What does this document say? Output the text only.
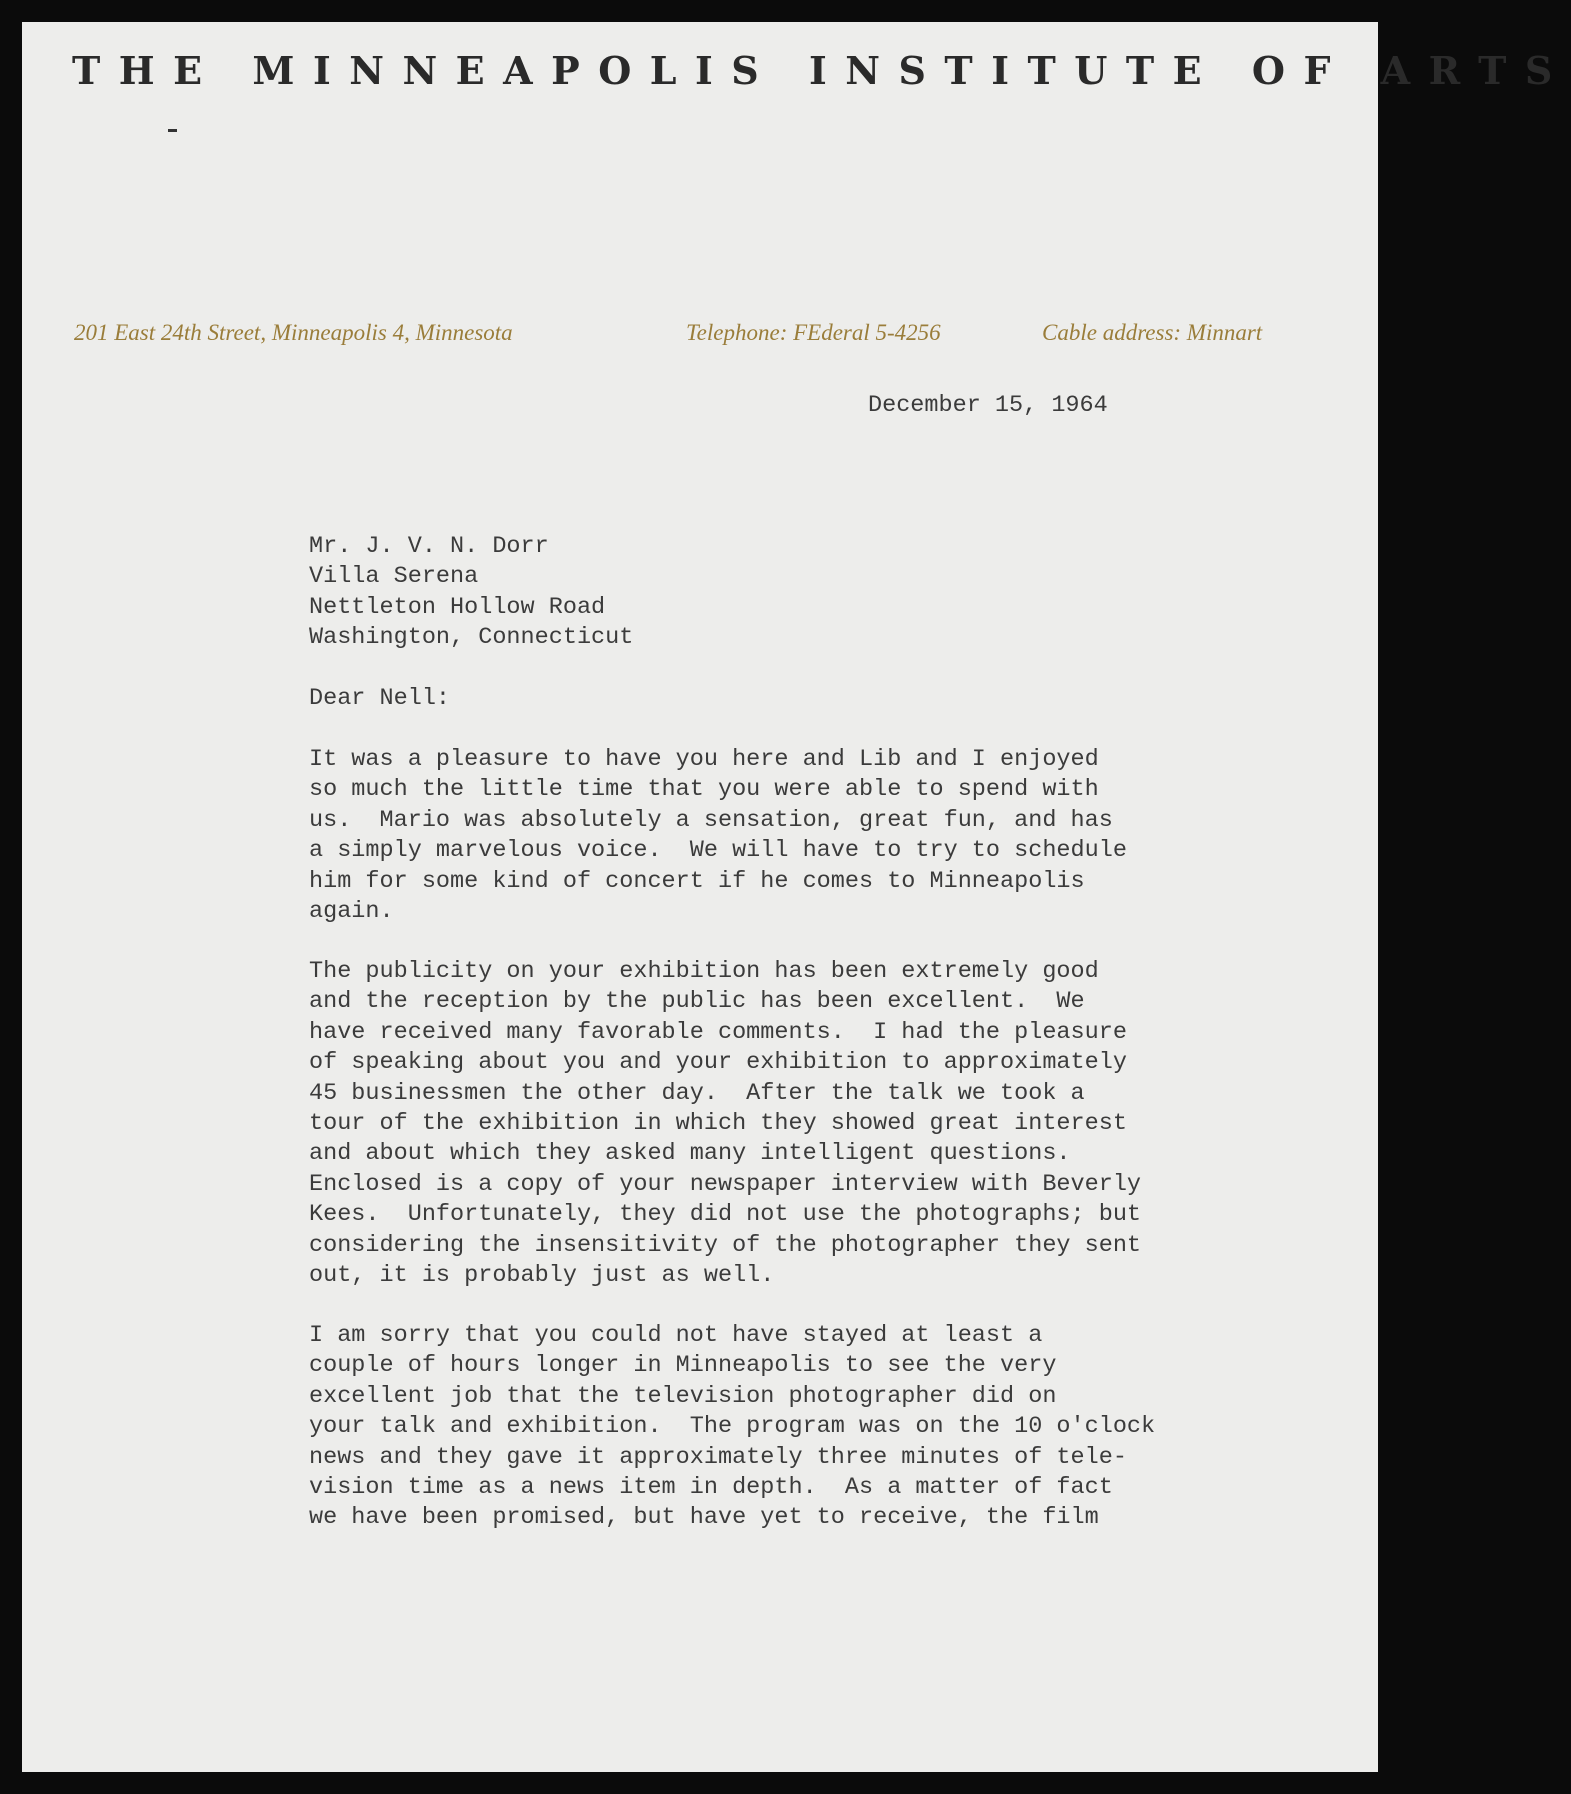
THE MINNEAPOLIS INSTITUTE OF ARTS
201 East 24th Street, Minneapolis 4, Minnesota	Telephone: FEderal 5-4256	Cable address: Minnart
December 15, 1964
Mr. J. V. N. Dorr
Villa Serena
Nettleton Hollow Road
Washington, Connecticut
Dear Nell:
It was a pleasure to have you here and Lib and I enjoyed
so much the little time that you were able to spend with
us.  Mario was absolutely a sensation, great fun, and has
a simply marvelous voice.  We will have to try to schedule
him for some kind of concert if he comes to Minneapolis
again.
The publicity on your exhibition has been extremely good
and the reception by the public has been excellent.  We
have received many favorable comments.  I had the pleasure
of speaking about you and your exhibition to approximately
45 businessmen the other day.  After the talk we took a
tour of the exhibition in which they showed great interest
and about which they asked many intelligent questions.
Enclosed is a copy of your newspaper interview with Beverly
Kees.  Unfortunately, they did not use the photographs; but
considering the insensitivity of the photographer they sent
out, it is probably just as well.
I am sorry that you could not have stayed at least a
couple of hours longer in Minneapolis to see the very
excellent job that the television photographer did on
your talk and exhibition.  The program was on the 10 o'clock
news and they gave it approximately three minutes of tele-
vision time as a news item in depth.  As a matter of fact
we have been promised, but have yet to receive, the film
